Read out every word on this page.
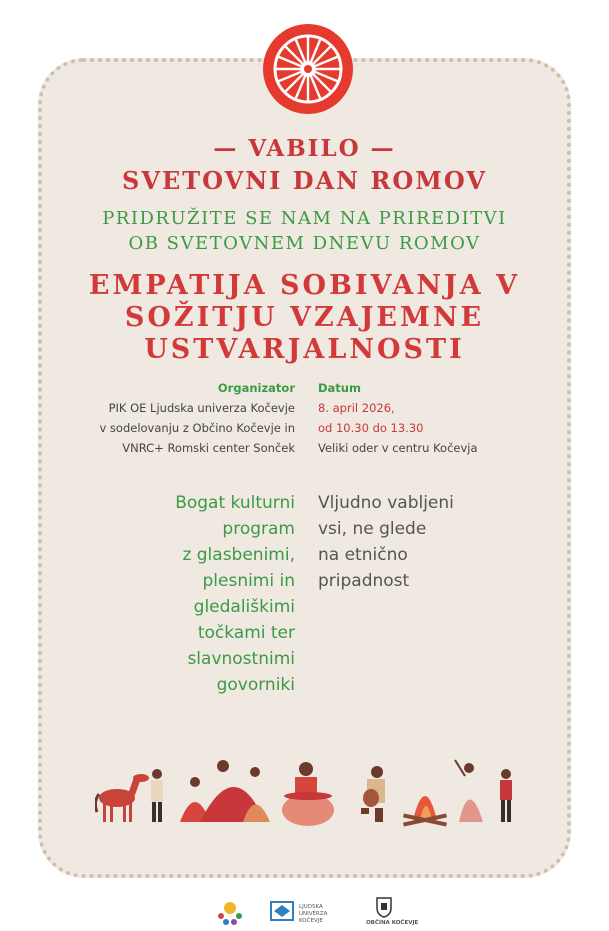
— VABILO —
SVETOVNI DAN ROMOV
PRIDRUŽITE SE NAM NA PRIREDITVI
OB SVETOVNEM DNEVU ROMOV
EMPATIJA SOBIVANJA V
SOŽITJU VZAJEMNE
USTVARJALNOSTI
Organizator
PIK OE Ljudska univerza Kočevje
v sodelovanju z Občino Kočevje in
VNRC+ Romski center Sonček
Datum
8. april 2026,
od 10.30 do 13.30
Veliki oder v centru Kočevja
Bogat kulturni
program
z glasbenimi,
plesnimi in
gledališkimi
točkami ter
slavnostnimi
govorniki
Vljudno vabljeni
vsi, ne glede
na etnično
pripadnost
LJUDSKA
UNIVERZA
KOČEVJE	OBČINA KOČEVJE
